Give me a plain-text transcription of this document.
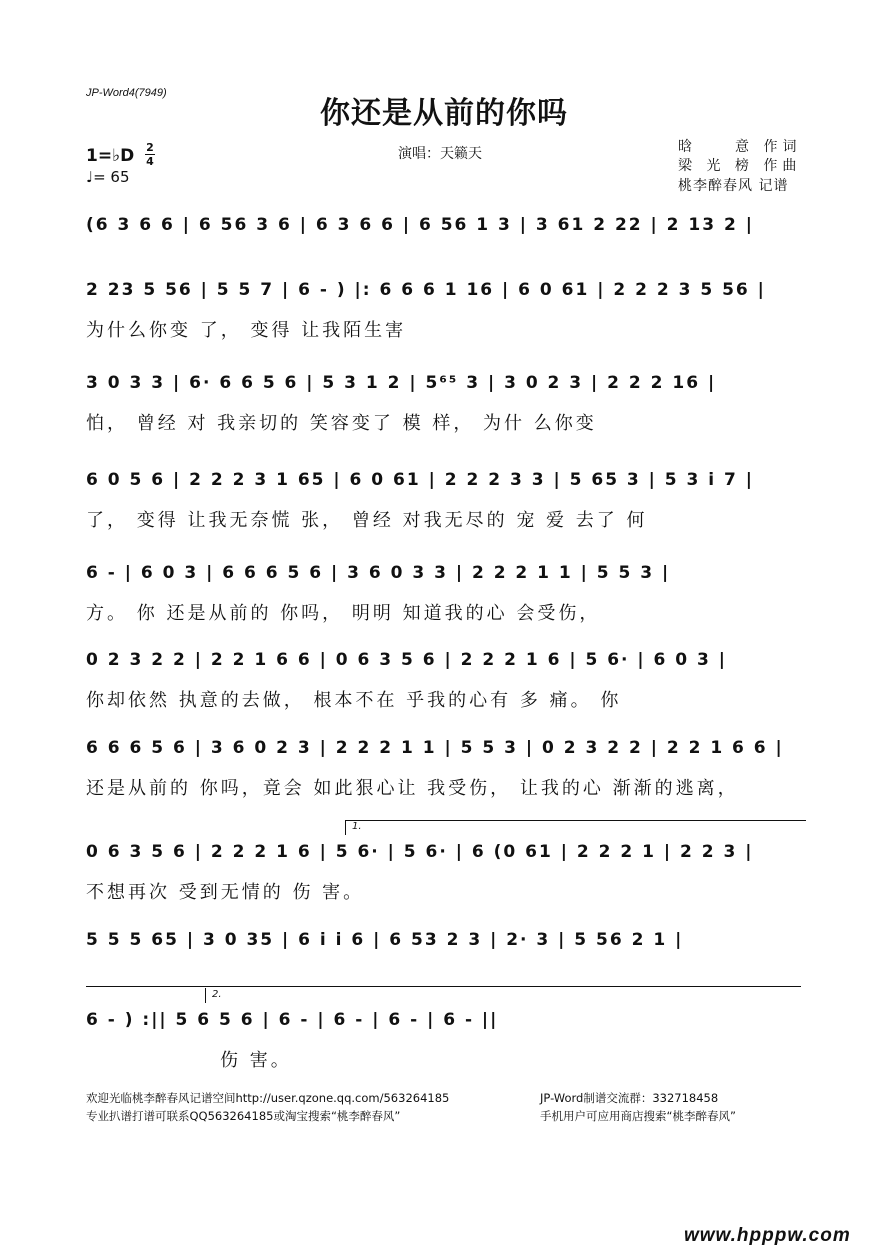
JP-Word4(7949)
你还是从前的你吗
1=♭D 2
4
♩= 65
演唱：天籁天	晗　　意 作词
梁 光 榜 作曲
桃李醉春风 记谱
(6 3 6 6 | 6 56 3 6 | 6 3 6 6 | 6 56 1 3 | 3 61 2 22 | 2 13 2 |
2 23 5 56 | 5 5 7 | 6 - ) |: 6 6 6 1 16 | 6 0 61 | 2 2 2 3 5 56 |
为什么你变 了， 变得 让我陌生害
3 0 3 3 | 6· 6 6 5 6 | 5 3 1 2 | 5⁶⁵ 3 | 3 0 2 3 | 2 2 2 16 |
怕， 曾经 对 我亲切的 笑容变了 模 样， 为什 么你变
6 0 5 6 | 2 2 2 3 1 65 | 6 0 61 | 2 2 2 3 3 | 5 65 3 | 5 3 i 7 |
了， 变得 让我无奈慌 张， 曾经 对我无尽的 宠 爱 去了 何
6 - | 6 0 3 | 6 6 6 5 6 | 3 6 0 3 3 | 2 2 2 1 1 | 5 5 3 |
方。 你 还是从前的 你吗， 明明 知道我的心 会受伤，
0 2 3 2 2 | 2 2 1 6 6 | 0 6 3 5 6 | 2 2 2 1 6 | 5 6· | 6 0 3 |
你却依然 执意的去做， 根本不在 乎我的心有 多 痛。 你
6 6 6 5 6 | 3 6 0 2 3 | 2 2 2 1 1 | 5 5 3 | 0 2 3 2 2 | 2 2 1 6 6 |
还是从前的 你吗，竟会 如此狠心让 我受伤， 让我的心 渐渐的逃离，
1.
0 6 3 5 6 | 2 2 2 1 6 | 5 6· | 5 6· | 6 (0 61 | 2 2 2 1 | 2 2 3 |
不想再次 受到无情的 伤 害。
5 5 5 65 | 3 0 35 | 6 i i 6 | 6 53 2 3 | 2· 3 | 5 56 2 1 |
2.
6 - ) :|| 5 6 5 6 | 6 - | 6 - | 6 - | 6 - ||
伤 害。
欢迎光临桃李醉春风记谱空间http://user.qzone.qq.com/563264185
专业扒谱打谱可联系QQ563264185或淘宝搜索“桃李醉春风”
JP-Word制谱交流群：332718458
手机用户可应用商店搜索“桃李醉春风”
www.hpppw.com
